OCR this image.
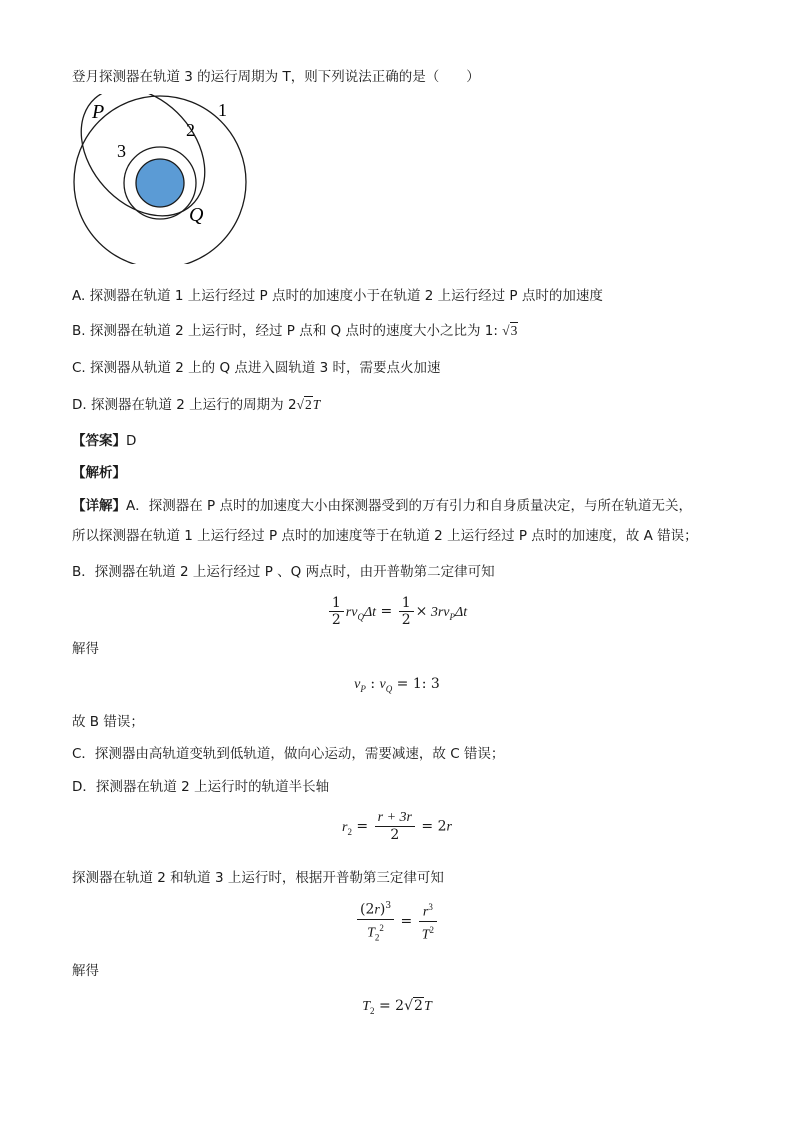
登月探测器在轨道 3 的运行周期为 T，则下列说法正确的是（　　）
P	1
2
3
Q
A. 探测器在轨道 1 上运行经过 P 点时的加速度小于在轨道 2 上运行经过 P 点时的加速度
B. 探测器在轨道 2 上运行时，经过 P 点和 Q 点时的速度大小之比为 1: √3
C. 探测器从轨道 2 上的 Q 点进入圆轨道 3 时，需要点火加速
D. 探测器在轨道 2 上运行的周期为 2√2T
【答案】D
【解析】
【详解】A．探测器在 P 点时的加速度大小由探测器受到的万有引力和自身质量决定，与所在轨道无关，
所以探测器在轨道 1 上运行经过 P 点时的加速度等于在轨道 2 上运行经过 P 点时的加速度，故 A 错误；
B．探测器在轨道 2 上运行经过 P 、Q 两点时，由开普勒第二定律可知
$\frac{1}{2} rv_Q\Delta t = \frac{1}{2} \times 3rv_P\Delta t$
解得
$v_P$ : $v_Q = 1$: 3
故 B 错误；
C．探测器由高轨道变轨到低轨道，做向心运动，需要减速，故 C 错误；
D．探测器在轨道 2 上运行时的轨道半长轴
$r_2 = \frac{r + 3r}{2} = 2r$
探测器在轨道 2 和轨道 3 上运行时，根据开普勒第三定律可知
$\frac{(2r)^3}{T_2^2} = \frac{r^3}{T^2}$
解得
$T_2 = 2√2T$
